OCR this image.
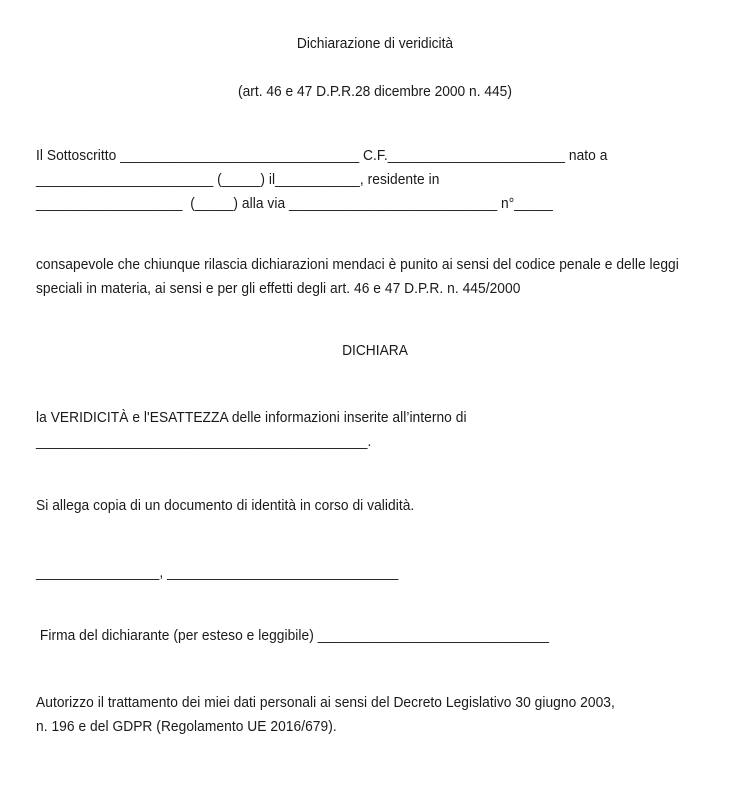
Dichiarazione di veridicità
(art. 46 e 47 D.P.R.28 dicembre 2000 n. 445)
Il Sottoscritto _______________________________ C.F._______________________ nato a
_______________________ (_____) il___________, residente in
___________________  (_____) alla via ___________________________ n°_____
consapevole che chiunque rilascia dichiarazioni mendaci è punito ai sensi del codice penale e delle leggi speciali in materia, ai sensi e per gli effetti degli art. 46 e 47 D.P.R. n. 445/2000
DICHIARA
la VERIDICITÀ e l'ESATTEZZA delle informazioni inserite all’interno di
___________________________________________.
Si allega copia di un documento di identità in corso di validità.
________________, ______________________________
Firma del dichiarante (per esteso e leggibile) ______________________________
Autorizzo il trattamento dei miei dati personali ai sensi del Decreto Legislativo 30 giugno 2003,
n. 196 e del GDPR (Regolamento UE 2016/679).
